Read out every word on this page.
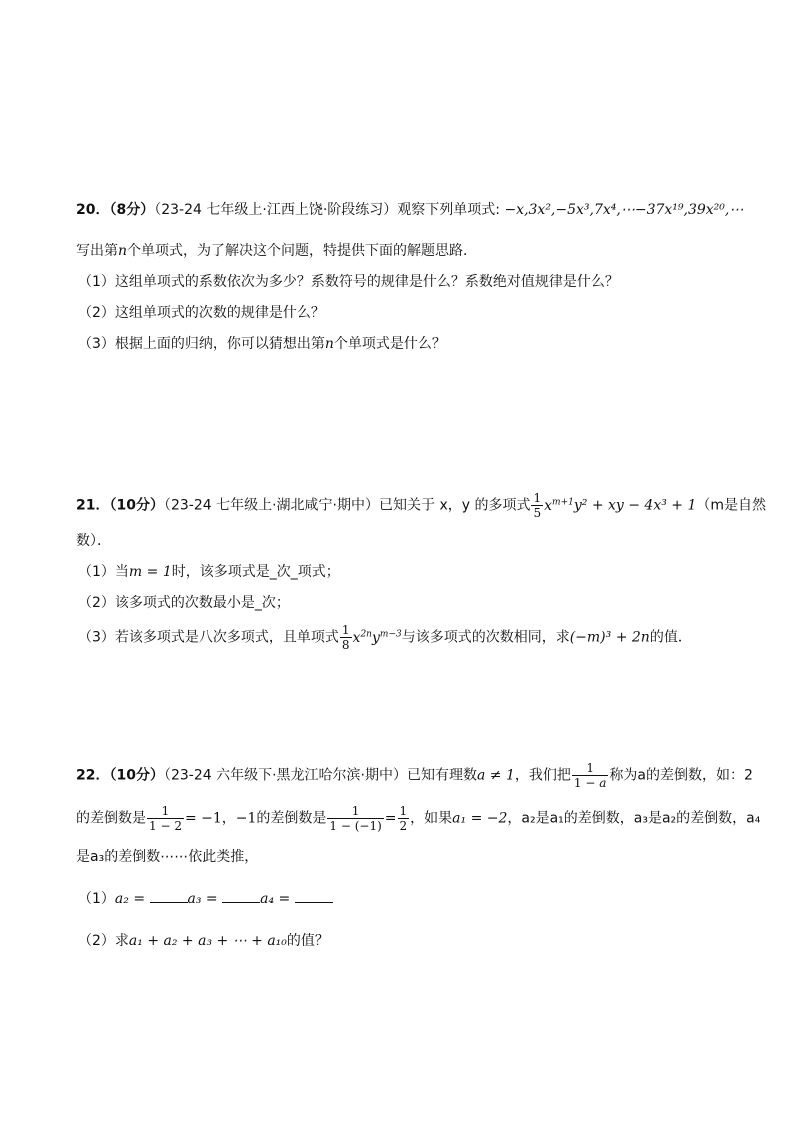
20．（8分）（23-24 七年级上·江西上饶·阶段练习）观察下列单项式: −x,3x²,−5x³,7x⁴,⋯−37x¹⁹,39x²⁰,⋯
写出第n个单项式，为了解决这个问题，特提供下面的解题思路．
（1）这组单项式的系数依次为多少？系数符号的规律是什么？系数绝对值规律是什么？
（2）这组单项式的次数的规律是什么？
（3）根据上面的归纳，你可以猜想出第n个单项式是什么？
21．（10分）（23-24 七年级上·湖北咸宁·期中）已知关于 x，y 的多项式 $\frac{1}{5} x^{m+1}y^2$ + xy − 4x³ + 1（m是自然
数）．
（1）当m = 1时，该多项式是_次_项式；
（2）该多项式的次数最小是_次；
（3）若该多项式是八次多项式，且单项式 $\frac{1}{8} x^{2n}y^{m-3}$与该多项式的次数相同，求(−m)³ + 2n的值．
22．（10分）（23-24 六年级下·黑龙江哈尔滨·期中）已知有理数a ≠ 1，我们把 $\frac{1}{1 - a}$ 称为a的差倒数，如：2
的差倒数是 $\frac{1}{1 - 2} = -1$，−1的差倒数是 $\frac{1}{1 - (-1)} = \frac{1}{2}$ ，如果a₁ = −2，a₂是a₁的差倒数，a₃是a₂的差倒数，a₄
是a₃的差倒数⋯⋯依此类推，
（1）a₂ =	a₃ =	a₄ =
（2）求a₁ + a₂ + a₃ + ⋯ + a₁₀的值？
